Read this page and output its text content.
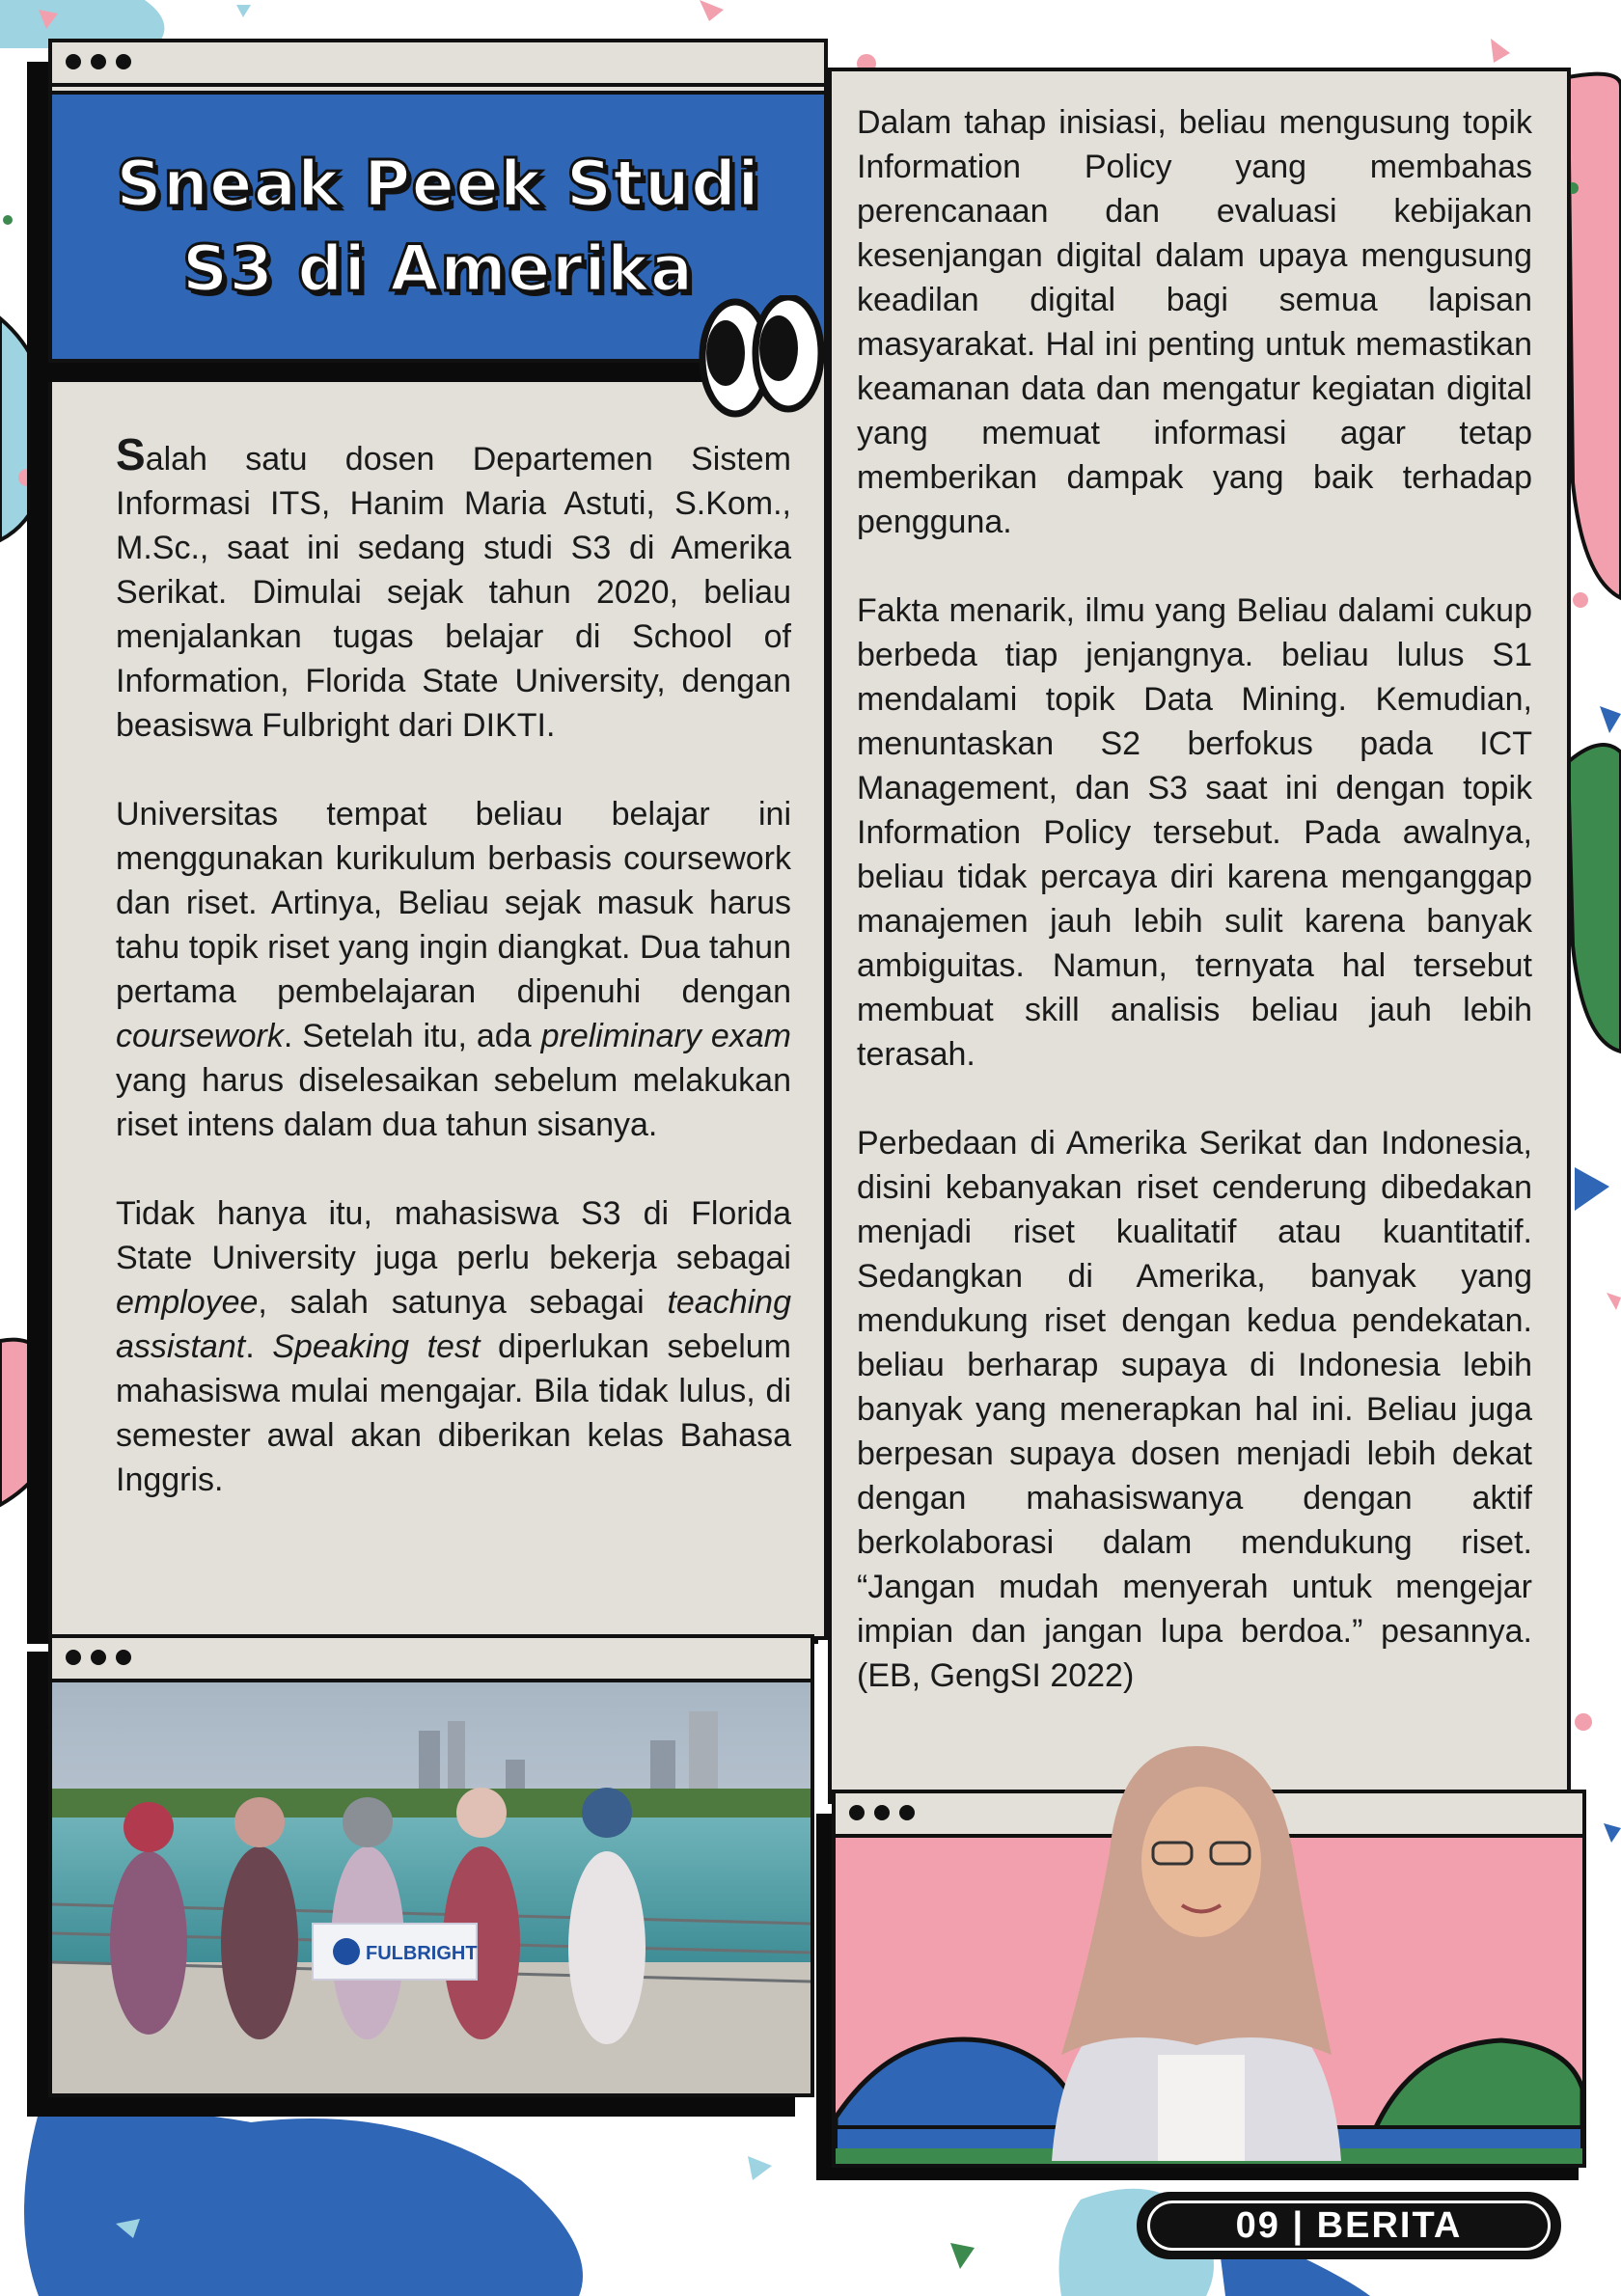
Sneak Peek Studi
S3 di Amerika

Salah satu dosen Departemen Sistem Informasi ITS, Hanim Maria Astuti, S.Kom., M.Sc., saat ini sedang studi S3 di Amerika Serikat. Dimulai sejak tahun 2020, beliau menjalankan tugas belajar di School of Information, Florida State University, dengan beasiswa Fulbright dari DIKTI.

Universitas tempat beliau belajar ini menggunakan kurikulum berbasis coursework dan riset. Artinya, Beliau sejak masuk harus tahu topik riset yang ingin diangkat. Dua tahun pertama pembelajaran dipenuhi dengan coursework. Setelah itu, ada preliminary exam yang harus diselesaikan sebelum melakukan riset intens dalam dua tahun sisanya.

Tidak hanya itu, mahasiswa S3 di Florida State University juga perlu bekerja sebagai employee, salah satunya sebagai teaching assistant. Speaking test diperlukan sebelum mahasiswa mulai mengajar. Bila tidak lulus, di semester awal akan diberikan kelas Bahasa Inggris.

Dalam tahap inisiasi, beliau mengusung topik Information Policy yang membahas perencanaan dan evaluasi kebijakan kesenjangan digital dalam upaya mengusung keadilan digital bagi semua lapisan masyarakat. Hal ini penting untuk memastikan keamanan data dan mengatur kegiatan digital yang memuat informasi agar tetap memberikan dampak yang baik terhadap pengguna.

Fakta menarik, ilmu yang Beliau dalami cukup berbeda tiap jenjangnya. beliau lulus S1 mendalami topik Data Mining. Kemudian, menuntaskan S2 berfokus pada ICT Management, dan S3 saat ini dengan topik Information Policy tersebut. Pada awalnya, beliau tidak percaya diri karena menganggap manajemen jauh lebih sulit karena banyak ambiguitas. Namun, ternyata hal tersebut membuat skill analisis beliau jauh lebih terasah.

Perbedaan di Amerika Serikat dan Indonesia, disini kebanyakan riset cenderung dibedakan menjadi riset kualitatif atau kuantitatif. Sedangkan di Amerika, banyak yang mendukung riset dengan kedua pendekatan. beliau berharap supaya di Indonesia lebih banyak yang menerapkan hal ini. Beliau juga berpesan supaya dosen menjadi lebih dekat dengan mahasiswanya dengan aktif berkolaborasi dalam mendukung riset. “Jangan mudah menyerah untuk mengejar impian dan jangan lupa berdoa.” pesannya. (EB, GengSI 2022)

FULBRIGHT
09 | BERITA
